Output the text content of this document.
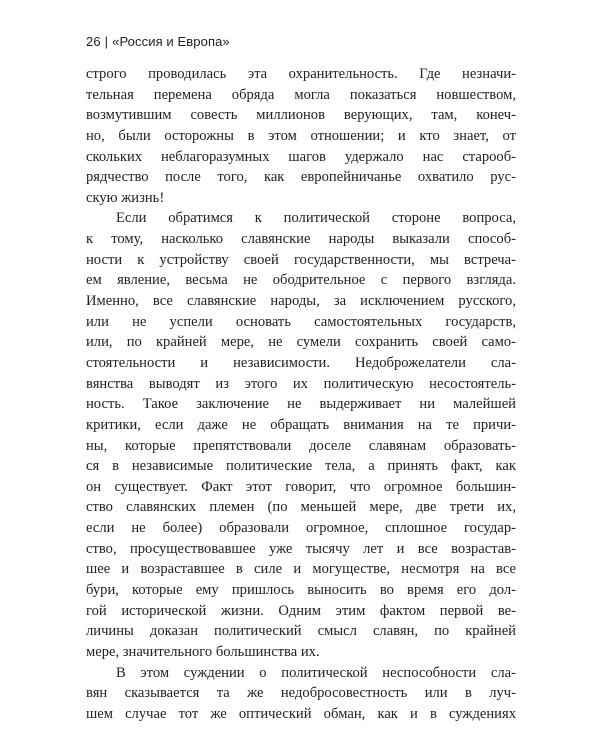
26 | «Россия и Европа»
строго проводилась эта охранительность. Где незначи-
тельная перемена обряда могла показаться новшеством,
возмутившим совесть миллионов верующих, там, конеч-
но, были осторожны в этом отношении; и кто знает, от
скольких неблагоразумных шагов удержало нас старооб-
рядчество после того, как европейничанье охватило рус-
скую жизнь!
Если обратимся к политической стороне вопроса,
к тому, насколько славянские народы выказали способ-
ности к устройству своей государственности, мы встреча-
ем явление, весьма не ободрительное с первого взгляда.
Именно, все славянские народы, за исключением русского,
или не успели основать самостоятельных государств,
или, по крайней мере, не сумели сохранить своей само-
стоятельности и независимости. Недоброжелатели сла-
вянства выводят из этого их политическую несостоятель-
ность. Такое заключение не выдерживает ни малейшей
критики, если даже не обращать внимания на те причи-
ны, которые препятствовали доселе славянам образовать-
ся в независимые политические тела, а принять факт, как
он существует. Факт этот говорит, что огромное большин-
ство славянских племен (по меньшей мере, две трети их,
если не более) образовали огромное, сплошное государ-
ство, просуществовавшее уже тысячу лет и все возрастав-
шее и возраставшее в силе и могуществе, несмотря на все
бури, которые ему пришлось выносить во время его дол-
гой исторической жизни. Одним этим фактом первой ве-
личины доказан политический смысл славян, по крайней
мере, значительного большинства их.
В этом суждении о политической неспособности сла-
вян сказывается та же недобросовестность или в луч-
шем случае тот же оптический обман, как и в суждениях
